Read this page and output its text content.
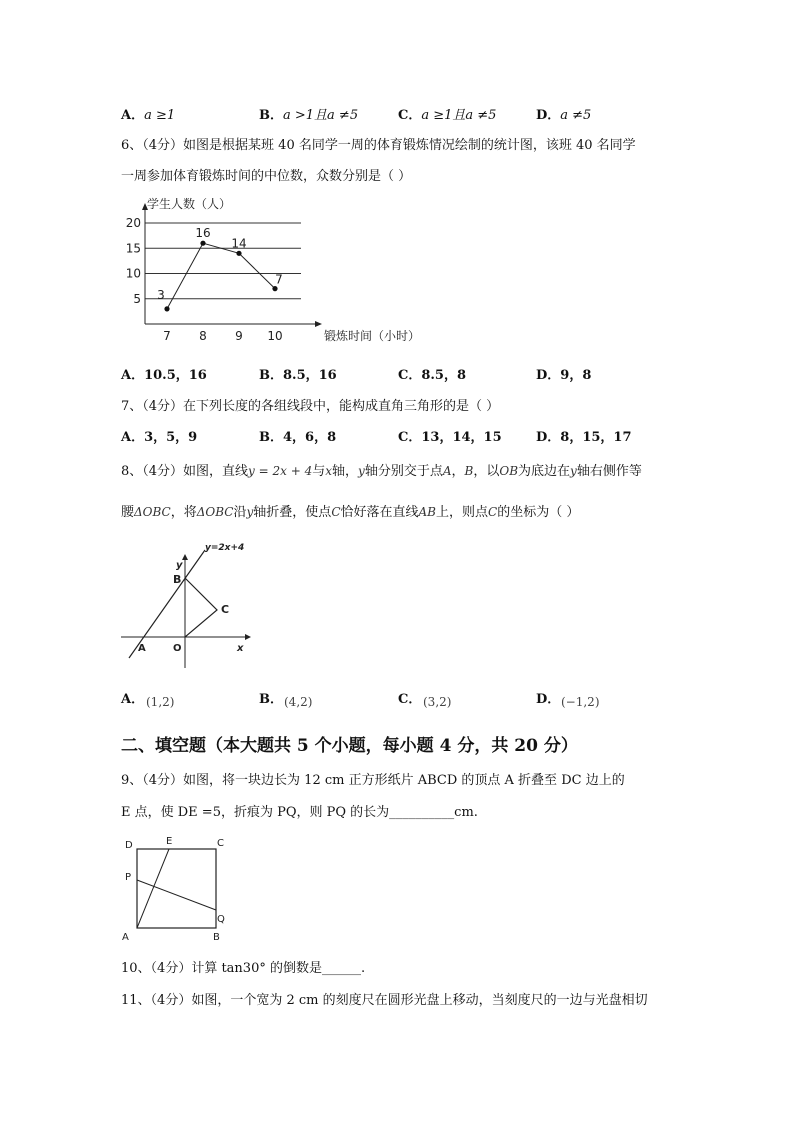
A．a ≥1	B．a >1且a ≠5	C．a ≥1且a ≠5	D．a ≠5
6、（4分）如图是根据某班 40 名同学一周的体育锻炼情况绘制的统计图，该班 40 名同学
一周参加体育锻炼时间的中位数，众数分别是（ ）
5
10
15
20
7 8 9 10
3
16
14
7
学生人数（人）
锻炼时间（小时）
A．10.5，16	B．8.5，16	C．8.5，8	D．9，8
7、（4分）在下列长度的各组线段中，能构成直角三角形的是（ ）
A．3，5，9	B．4，6，8	C．13，14，15	D．8，15，17
8、（4分）如图，直线y = 2x + 4与x轴，y轴分别交于点A，B，以OB为底边在y轴右侧作等
腰ΔOBC，将ΔOBC沿y轴折叠，使点C恰好落在直线AB上，则点C的坐标为（ ）
y=2x+4
y
x
B
C
A	O
A． (1,2)	B． (4,2)	C． (3,2)	D． (−1,2)
二、填空题（本大题共 5 个小题，每小题 4 分，共 20 分）
9、（4分）如图，将一块边长为 12 cm 正方形纸片 ABCD 的顶点 A 折叠至 DC 边上的
E 点，使 DE =5，折痕为 PQ，则 PQ 的长为__________cm.
D	E	C
P
Q
A	B
10、（4分）计算 tan30° 的倒数是______.
11、（4分）如图，一个宽为 2 cm 的刻度尺在圆形光盘上移动，当刻度尺的一边与光盘相切
